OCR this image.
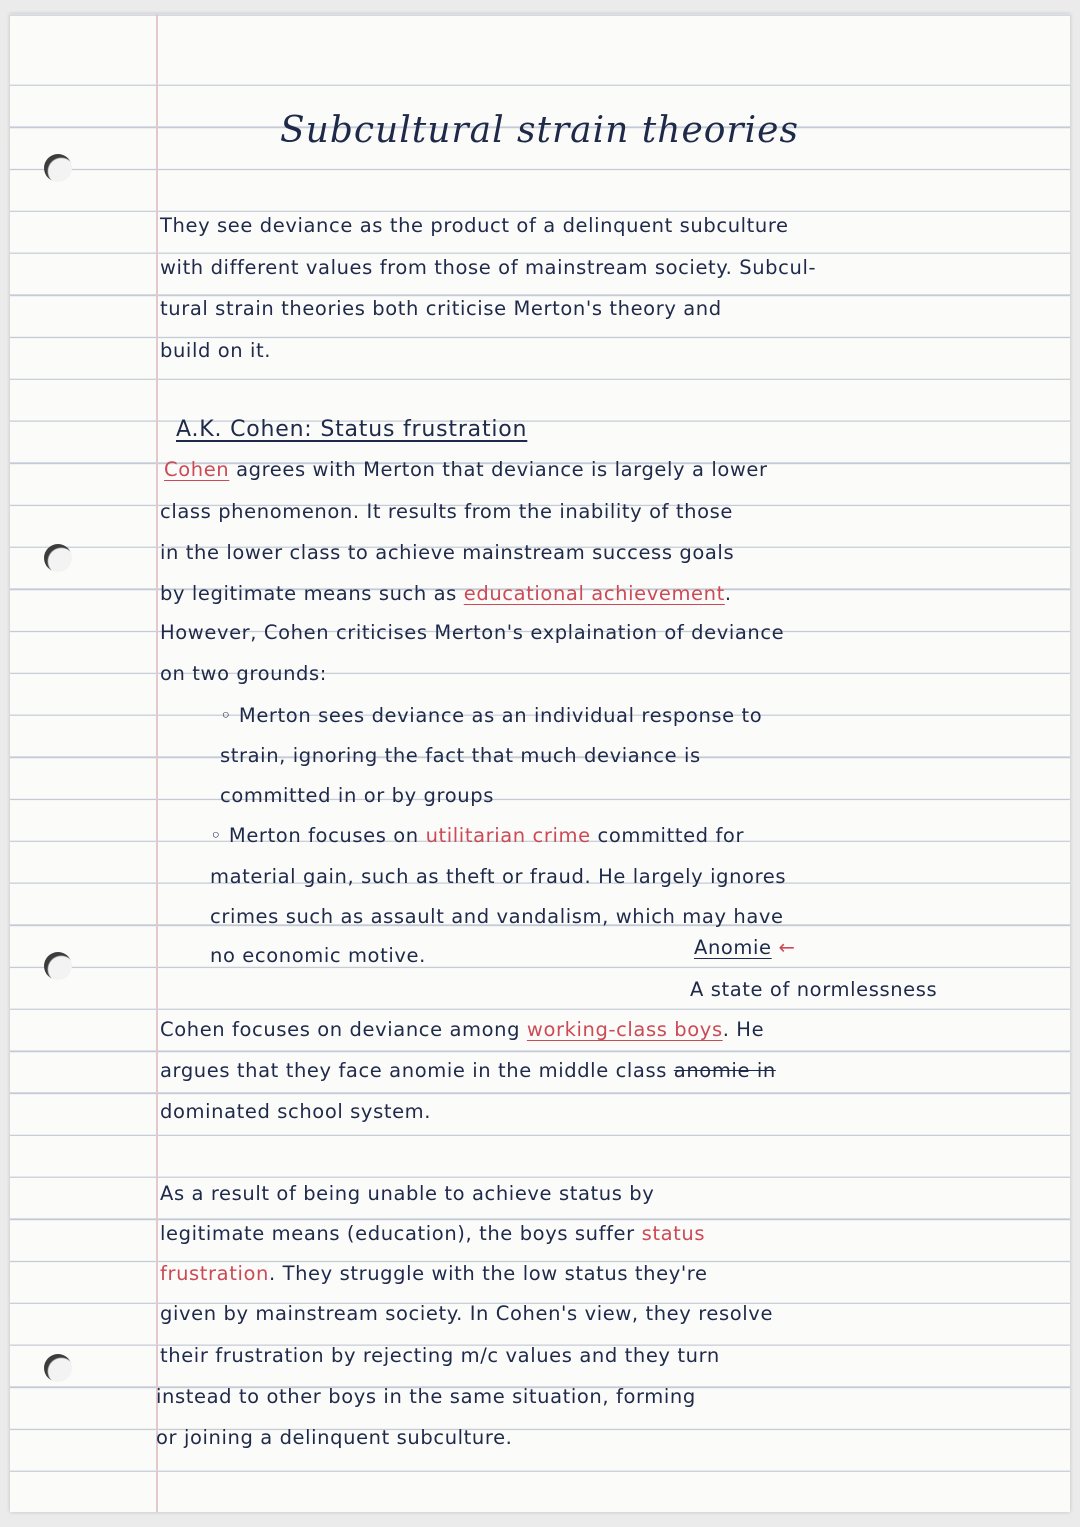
Subcultural strain theories
They see deviance as the product of a delinquent subculture
with different values from those of mainstream society. Subcul-
tural strain theories both criticise Merton's theory and
build on it.
A.K. Cohen: Status frustration
Cohen agrees with Merton that deviance is largely a lower
class phenomenon. It results from the inability of those
in the lower class to achieve mainstream success goals
by legitimate means such as educational achievement.
However, Cohen criticises Merton's explaination of deviance
on two grounds:
◦ Merton sees deviance as an individual response to
strain, ignoring the fact that much deviance is
committed in or by groups
◦ Merton focuses on utilitarian crime committed for
material gain, such as theft or fraud. He largely ignores
crimes such as assault and vandalism, which may have
no economic motive.	Anomie ←
A state of normlessness
Cohen focuses on deviance among working-class boys. He
argues that they face anomie in the middle class anomie in
dominated school system.
As a result of being unable to achieve status by
legitimate means (education), the boys suffer status
frustration. They struggle with the low status they're
given by mainstream society. In Cohen's view, they resolve
their frustration by rejecting m/c values and they turn
instead to other boys in the same situation, forming
or joining a delinquent subculture.
